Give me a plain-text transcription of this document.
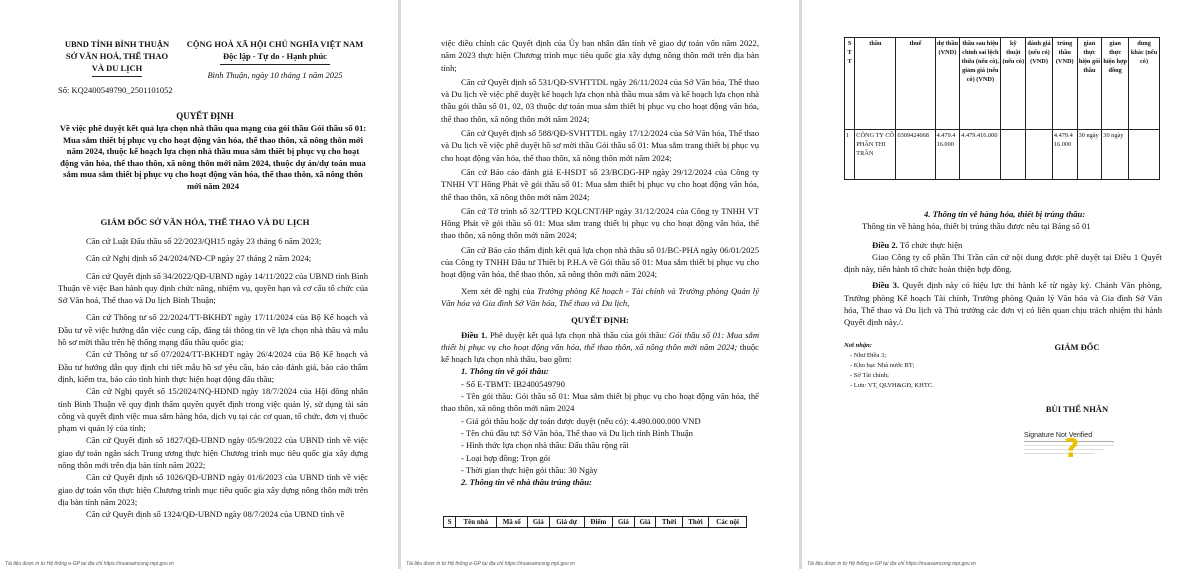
UBND TỈNH BÌNH THUẬN
SỞ VĂN HOÁ, THỂ THAO
VÀ DU LỊCH
CỘNG HOÀ XÃ HỘI CHỦ NGHĨA VIỆT NAM
Độc lập - Tự do - Hạnh phúc
Bình Thuận, ngày 10 tháng 1 năm 2025
Số: KQ2400549790_2501101052
QUYẾT ĐỊNH
Về việc phê duyệt kết quả lựa chọn nhà thầu qua mạng của gói thầu Gói thầu số 01: Mua sắm thiết bị phục vụ cho hoạt động văn hóa, thể thao thôn, xã nông thôn mới năm 2024, thuộc kế hoạch lựa chọn nhà thầu mua sắm thiết bị phục vụ cho hoạt động văn hóa, thể thao thôn, xã nông thôn mới năm 2024, thuộc dự án/dự toán mua sắm mua sắm thiết bị phục vụ cho hoạt động văn hóa, thể thao thôn, xã nông thôn mới năm 2024
GIÁM ĐỐC SỞ VĂN HÓA, THỂ THAO VÀ DU LỊCH

Căn cứ Luật Đấu thầu số 22/2023/QH15 ngày 23 tháng 6 năm 2023;

Căn cứ Nghị định số 24/2024/NĐ-CP ngày 27 tháng 2 năm 2024;

Căn cứ Quyết định số 34/2022/QĐ-UBND ngày 14/11/2022 của UBND tỉnh Bình Thuận về việc Ban hành quy định chức năng, nhiệm vụ, quyền hạn và cơ cấu tổ chức của Sở Văn hoá, Thể thao và Du lịch Bình Thuận;

Căn cứ Thông tư số 22/2024/TT-BKHĐT ngày 17/11/2024 của Bộ Kế hoạch và Đầu tư về việc hướng dẫn việc cung cấp, đăng tải thông tin về lựa chọn nhà thầu và mẫu hồ sơ mời thầu trên hệ thống mạng đấu thầu quốc gia;

Căn cứ Thông tư số 07/2024/TT-BKHĐT ngày 26/4/2024 của Bộ Kế hoạch và Đầu tư hướng dẫn quy định chi tiết mẫu hồ sơ yêu cầu, báo cáo đánh giá, báo cáo thẩm định, kiểm tra, báo cáo tình hình thực hiện hoạt động đấu thầu;

Căn cứ Nghị quyết số 15/2024/NQ-HĐND ngày 18/7/2024 của Hội đồng nhân tỉnh Bình Thuận về quy định thẩm quyền quyết định trong việc quản lý, sử dụng tài sản công và quyết định việc mua sắm hàng hóa, dịch vụ tại các cơ quan, tổ chức, đơn vị thuộc phạm vi quản lý của tỉnh;

Căn cứ Quyết định số 1827/QĐ-UBND ngày 05/9/2022 của UBND tỉnh về việc giao dự toán ngân sách Trung ương thực hiện Chương trình mục tiêu quốc gia xây dựng nông thôn mới trên địa bàn tỉnh năm 2022;

Căn cứ Quyết định số 1026/QĐ-UBND ngày 01/6/2023 của UBND tỉnh về việc giao dự toán vốn thực hiện Chương trình mục tiêu quốc gia xây dựng nông thôn mới trên địa bàn tỉnh năm 2023;

Căn cứ Quyết định số 1324/QĐ-UBND ngày 08/7/2024 của UBND tỉnh về

Tài liệu được in từ Hệ thống e-GP tại địa chỉ https://muasamcong.mpi.gov.vn

việc điều chỉnh các Quyết định của Ủy ban nhân dân tỉnh về giao dự toán vốn năm 2022, năm 2023 thực hiện Chương trình mục tiêu quốc gia xây dựng nông thôn mới trên địa bàn tỉnh;

Căn cứ Quyết định số 531/QĐ-SVHTTDL ngày 26/11/2024 của Sở Văn hóa, Thể thao và Du lịch về việc phê duyệt kế hoạch lựa chọn nhà thầu mua sắm và kế hoạch lựa chọn nhà thầu gói thầu số 01, 02, 03 thuộc dự toán mua sắm thiết bị phục vụ cho hoạt động văn hóa, thể thao thôn, xã nông thôn mới năm 2024;

Căn cứ Quyết định số 588/QĐ-SVHTTDL ngày 17/12/2024 của Sở Văn hóa, Thể thao và Du lịch về việc phê duyệt hồ sơ mời thầu Gói thầu số 01: Mua sắm trang thiết bị phục vụ cho hoạt động văn hóa, thể thao thôn, xã nông thôn mới năm 2024;

Căn cứ Báo cáo đánh giá E-HSDT số 23/BCĐG-HP ngày 29/12/2024 của Công ty TNHH VT Hồng Phát về gói thầu số 01: Mua sắm thiết bị phục vụ cho hoạt động văn hóa, thể thao thôn, xã nông thôn mới năm 2024;

Căn cứ Tờ trình số 32/TTPĐ KQLCNT/HP ngày 31/12/2024 của Công ty TNHH VT Hồng Phát về gói thầu số 01: Mua sắm trang thiết bị phục vụ cho hoạt động văn hóa, thể thao thôn, xã nông thôn mới năm 2024;

Căn cứ Báo cáo thẩm định kết quả lựa chọn nhà thầu số 01/BC-PHA ngày 06/01/2025 của Công ty TNHH Đầu tư Thiết bị P.H.A về Gói thầu số 01: Mua sắm thiết bị phục vụ cho hoạt động văn hóa, thể thao thôn, xã nông thôn mới năm 2024;

Xem xét đề nghị của Trưởng phòng Kế hoạch - Tài chính và Trưởng phòng Quản lý Văn hóa và Gia đình Sở Văn hóa, Thể thao và Du lịch,

QUYẾT ĐỊNH:

Điều 1. Phê duyệt kết quả lựa chọn nhà thầu của gói thầu: Gói thầu số 01: Mua sắm thiết bị phục vụ cho hoạt động văn hóa, thể thao thôn, xã nông thôn mới năm 2024; thuộc kế hoạch lựa chọn nhà thầu, bao gồm:

1. Thông tin về gói thầu:

- Số E-TBMT: IB2400549790

- Tên gói thầu: Gói thầu số 01: Mua sắm thiết bị phục vụ cho hoạt động văn hóa, thể thao thôn, xã nông thôn mới năm 2024

- Giá gói thầu hoặc dự toán được duyệt (nếu có): 4.490.000.000 VND

- Tên chủ đầu tư: Sở Văn hóa, Thể thao và Du lịch tỉnh Bình Thuận

- Hình thức lựa chọn nhà thầu: Đấu thầu rộng rãi

- Loại hợp đồng: Trọn gói

- Thời gian thực hiện gói thầu: 30 Ngày

2. Thông tin về nhà thầu trúng thầu:

S	Tên nhà	Mã số	Giá	Giá dự	Điểm	Giá	Giá	Thời	Thời	Các nội
Tài liệu được in từ Hệ thống e-GP tại địa chỉ https://muasamcong.mpi.gov.vn
S T T	thầu	thuế	dự thầu (VND)	thầu sau hiệu chỉnh sai lệch thừa (nếu có), giảm giá (nếu có) (VND)	kỹ thuật (nếu có)	đánh giá (nếu có) (VND)	trúng thầu (VND)	gian thực hiện gói thầu	gian thực hiện hợp đồng	dung khác (nếu có)
1	CÔNG TY CỔ PHẦN THI TRẦN	0309424068	4.479.416.000	4.479.416.000			4.479.416.000	30 ngày	30 ngày	

4. Thông tin về hàng hóa, thiết bị trúng thầu:

Thông tin về hàng hóa, thiết bị trúng thầu được nêu tại Bảng số 01

Điều 2. Tổ chức thực hiện

Giao Công ty cổ phần Thi Trần căn cứ nội dung được phê duyệt tại Điều 1 Quyết định này, tiến hành tổ chức hoàn thiện hợp đồng.

Điều 3. Quyết định này có hiệu lực thi hành kể từ ngày ký. Chánh Văn phòng, Trưởng phòng Kế hoạch Tài chính, Trưởng phòng Quản lý Văn hóa và Gia đình Sở Văn hóa, Thể thao và Du lịch và Thủ trưởng các đơn vị có liên quan chịu trách nhiệm thi hành Quyết định này./.

Nơi nhận:
- Như Điều 3;
- Kho bạc Nhà nước BT;
- Sở Tài chính;
- Lưu: VT, QLVH&GĐ, KHTC.
GIÁM ĐỐC
BÙI THẾ NHÂN
Signature Not Verified
?
Tài liệu được in từ Hệ thống e-GP tại địa chỉ https://muasamcong.mpi.gov.vn
